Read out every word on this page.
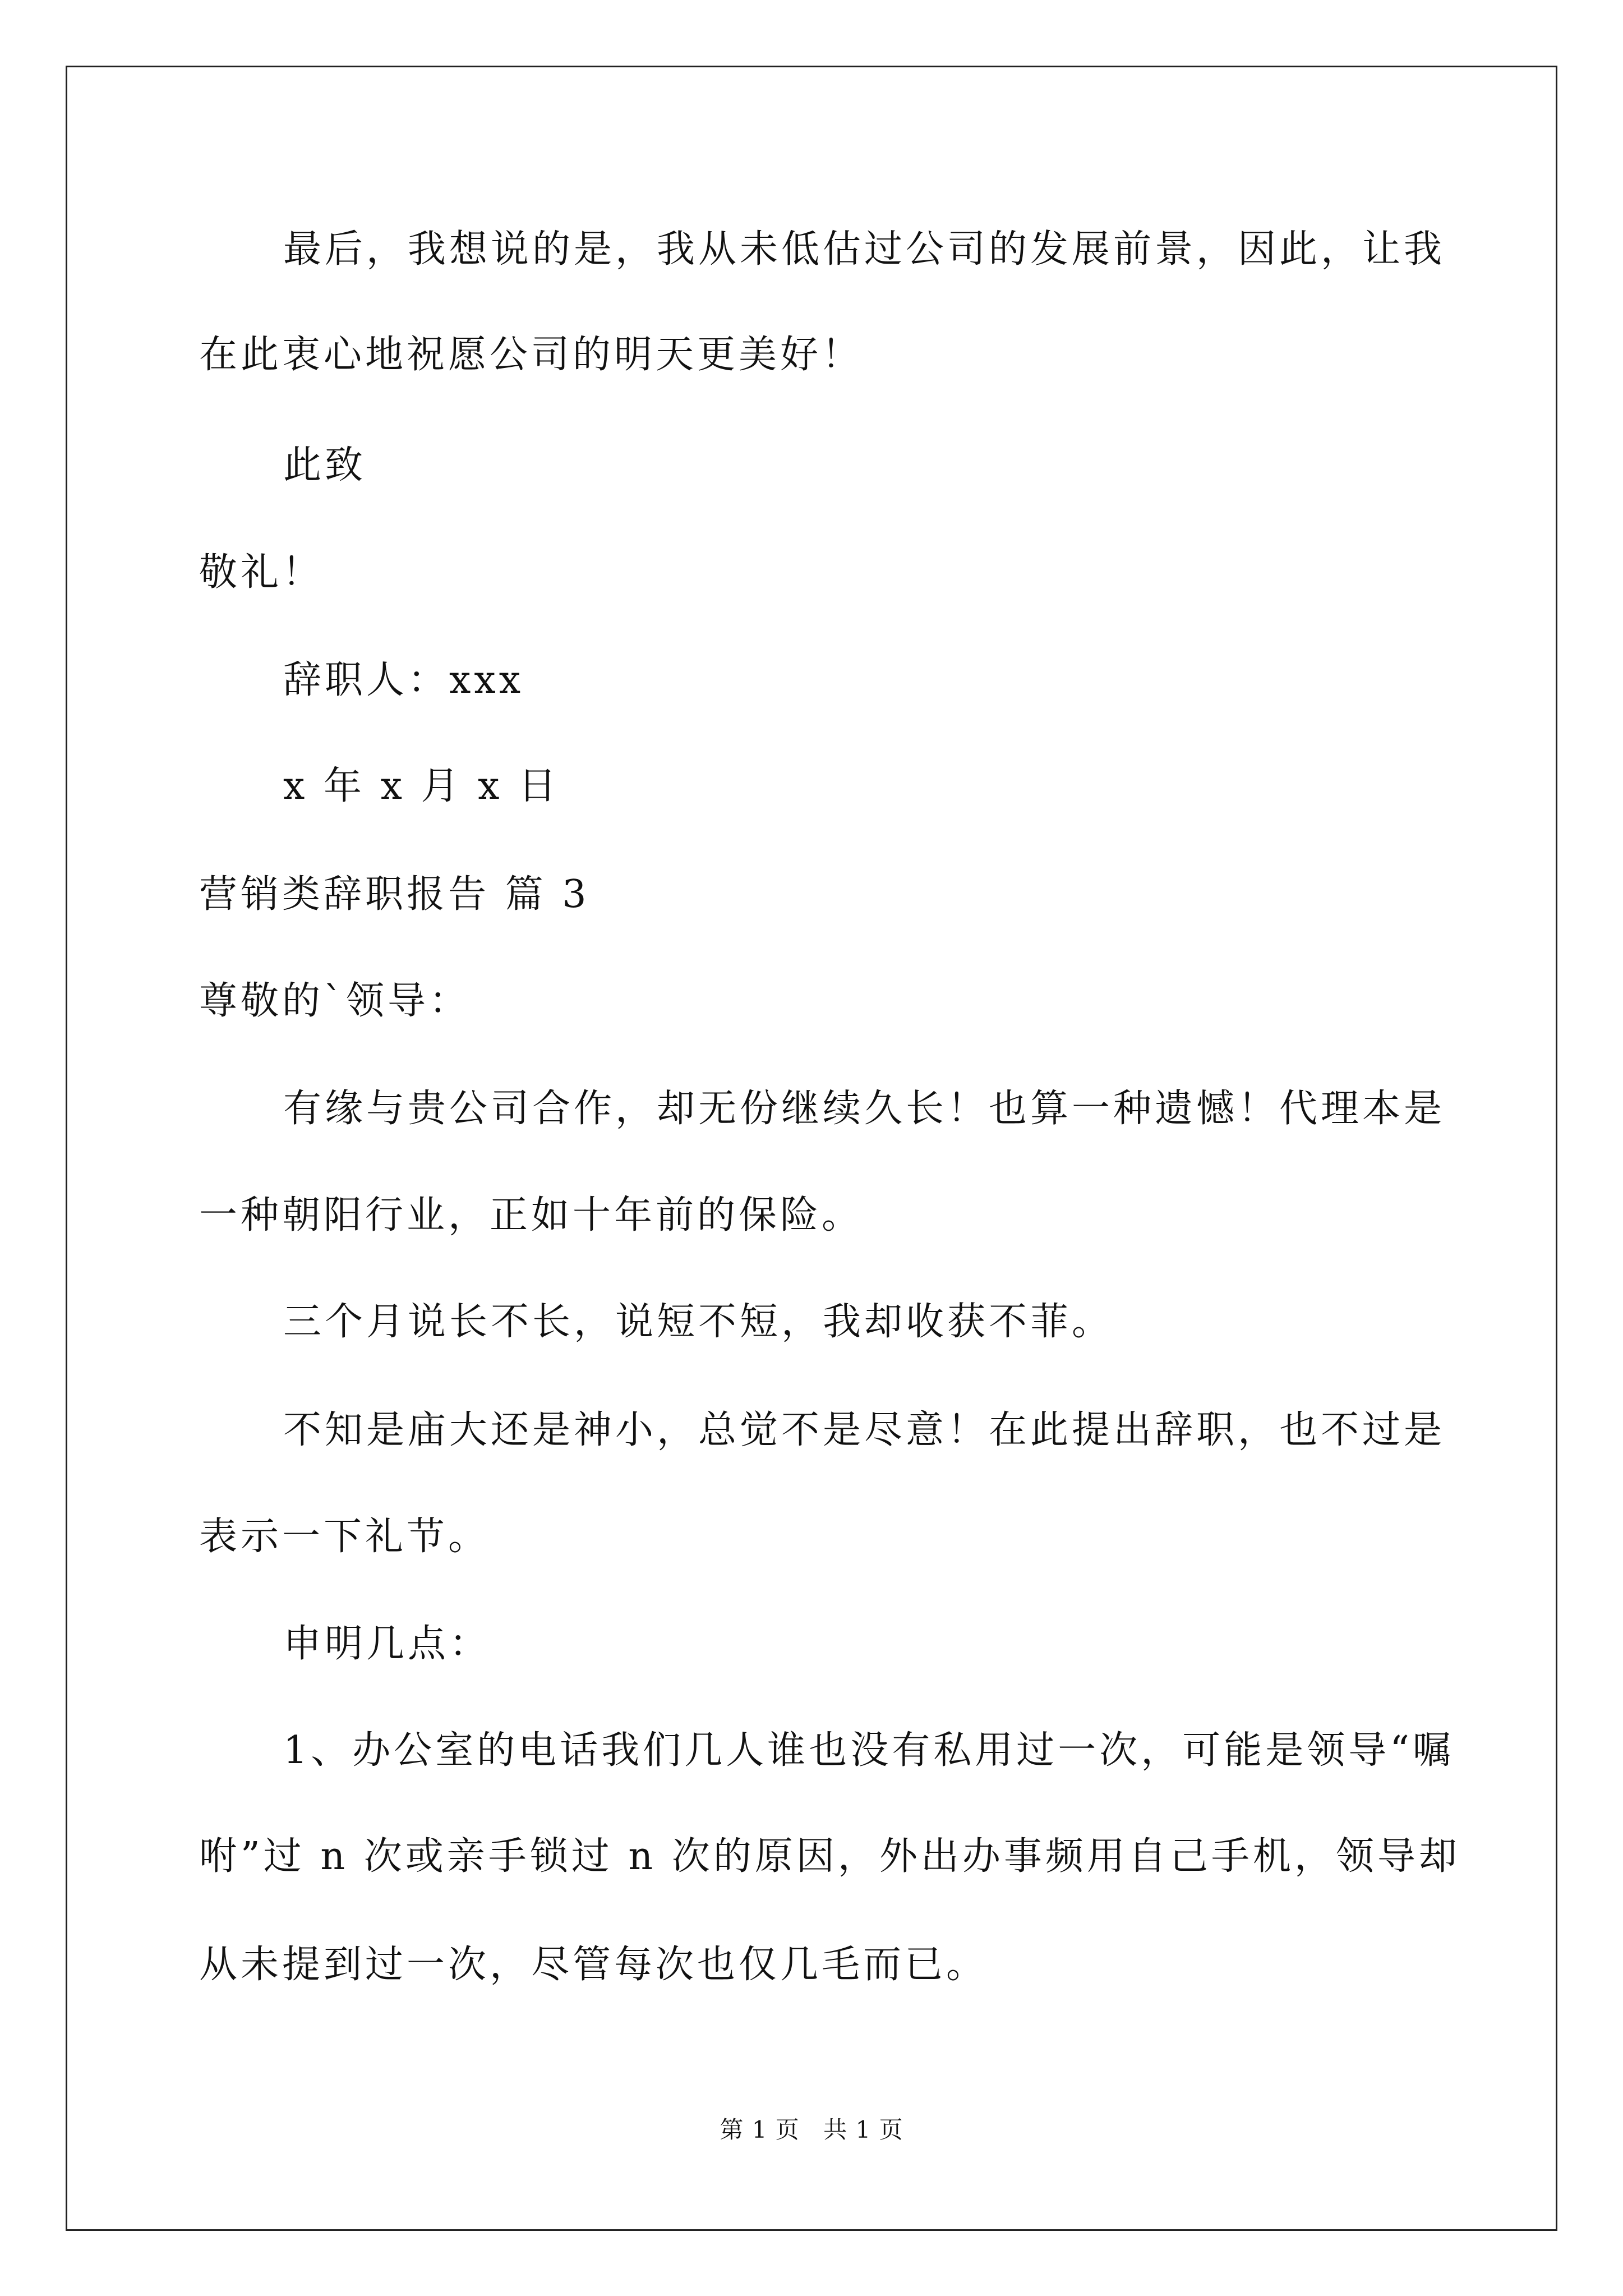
最后，我想说的是，我从未低估过公司的发展前景，因此，让我
在此衷心地祝愿公司的明天更美好！
此致
敬礼！
辞职人：xxx
x 年 x 月 x 日
营销类辞职报告 篇 3
尊敬的`领导：
有缘与贵公司合作，却无份继续久长！也算一种遗憾！代理本是
一种朝阳行业，正如十年前的保险。
三个月说长不长，说短不短，我却收获不菲。
不知是庙大还是神小，总觉不是尽意！在此提出辞职，也不过是
表示一下礼节。
申明几点：
1、办公室的电话我们几人谁也没有私用过一次，可能是领导“嘱
咐”过 n 次或亲手锁过 n 次的原因，外出办事频用自己手机，领导却
从未提到过一次，尽管每次也仅几毛而已。
第 1 页 共 1 页
